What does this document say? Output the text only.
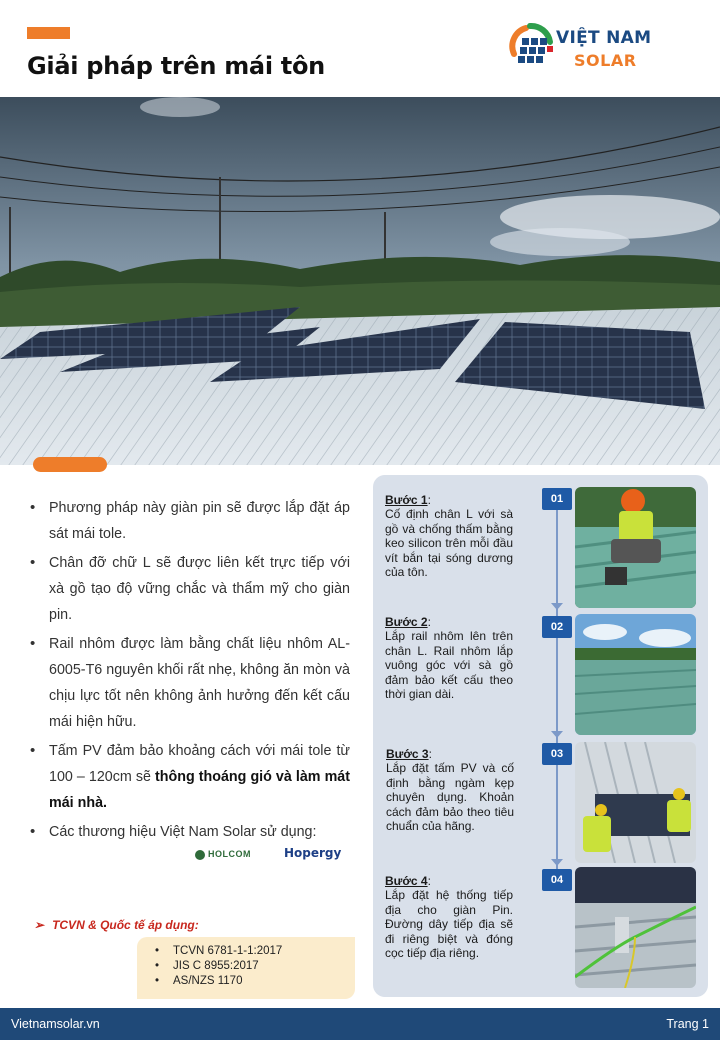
Giải pháp trên mái tôn
VIỆT NAM
SOLAR
• Phương pháp này giàn pin sẽ được lắp đặt áp sát mái tole.
• Chân đỡ chữ L sẽ được liên kết trực tiếp với xà gồ tạo độ vững chắc và thẩm mỹ cho giàn pin.
• Rail nhôm được làm bằng chất liệu nhôm AL-6005-T6 nguyên khối rất nhẹ, không ăn mòn và chịu lực tốt nên không ảnh hưởng đến kết cấu mái hiện hữu.
• Tấm PV đảm bảo khoảng cách với mái tole từ 100 – 120cm sẽ thông thoáng gió và làm mát mái nhà.
• Các thương hiệu Việt Nam Solar sử dụng:
HOLCOM	Hopergy
➢ TCVN & Quốc tế áp dụng:
• TCVN 6781-1-1:2017
• JIS C 8955:2017
• AS/NZS 1170
Bước 1:
Cố định chân L với sà gồ và chống thấm bằng keo silicon trên mỗi đầu vít bắn tại sóng dương của tôn.
01
Bước 2:
Lắp rail nhôm lên trên chân L. Rail nhôm lắp vuông góc với sà gồ đảm bảo kết cấu theo thời gian dài.
02
Bước 3:
Lắp đặt tấm PV và cố định bằng ngàm kẹp chuyên dụng. Khoản cách đảm bảo theo tiêu chuẩn của hãng.
03
Bước 4:
Lắp đặt hệ thống tiếp địa cho giàn Pin. Đường dây tiếp địa sẽ đi riêng biệt và đóng cọc tiếp địa riêng.
04
Vietnamsolar.vn	Trang 1
